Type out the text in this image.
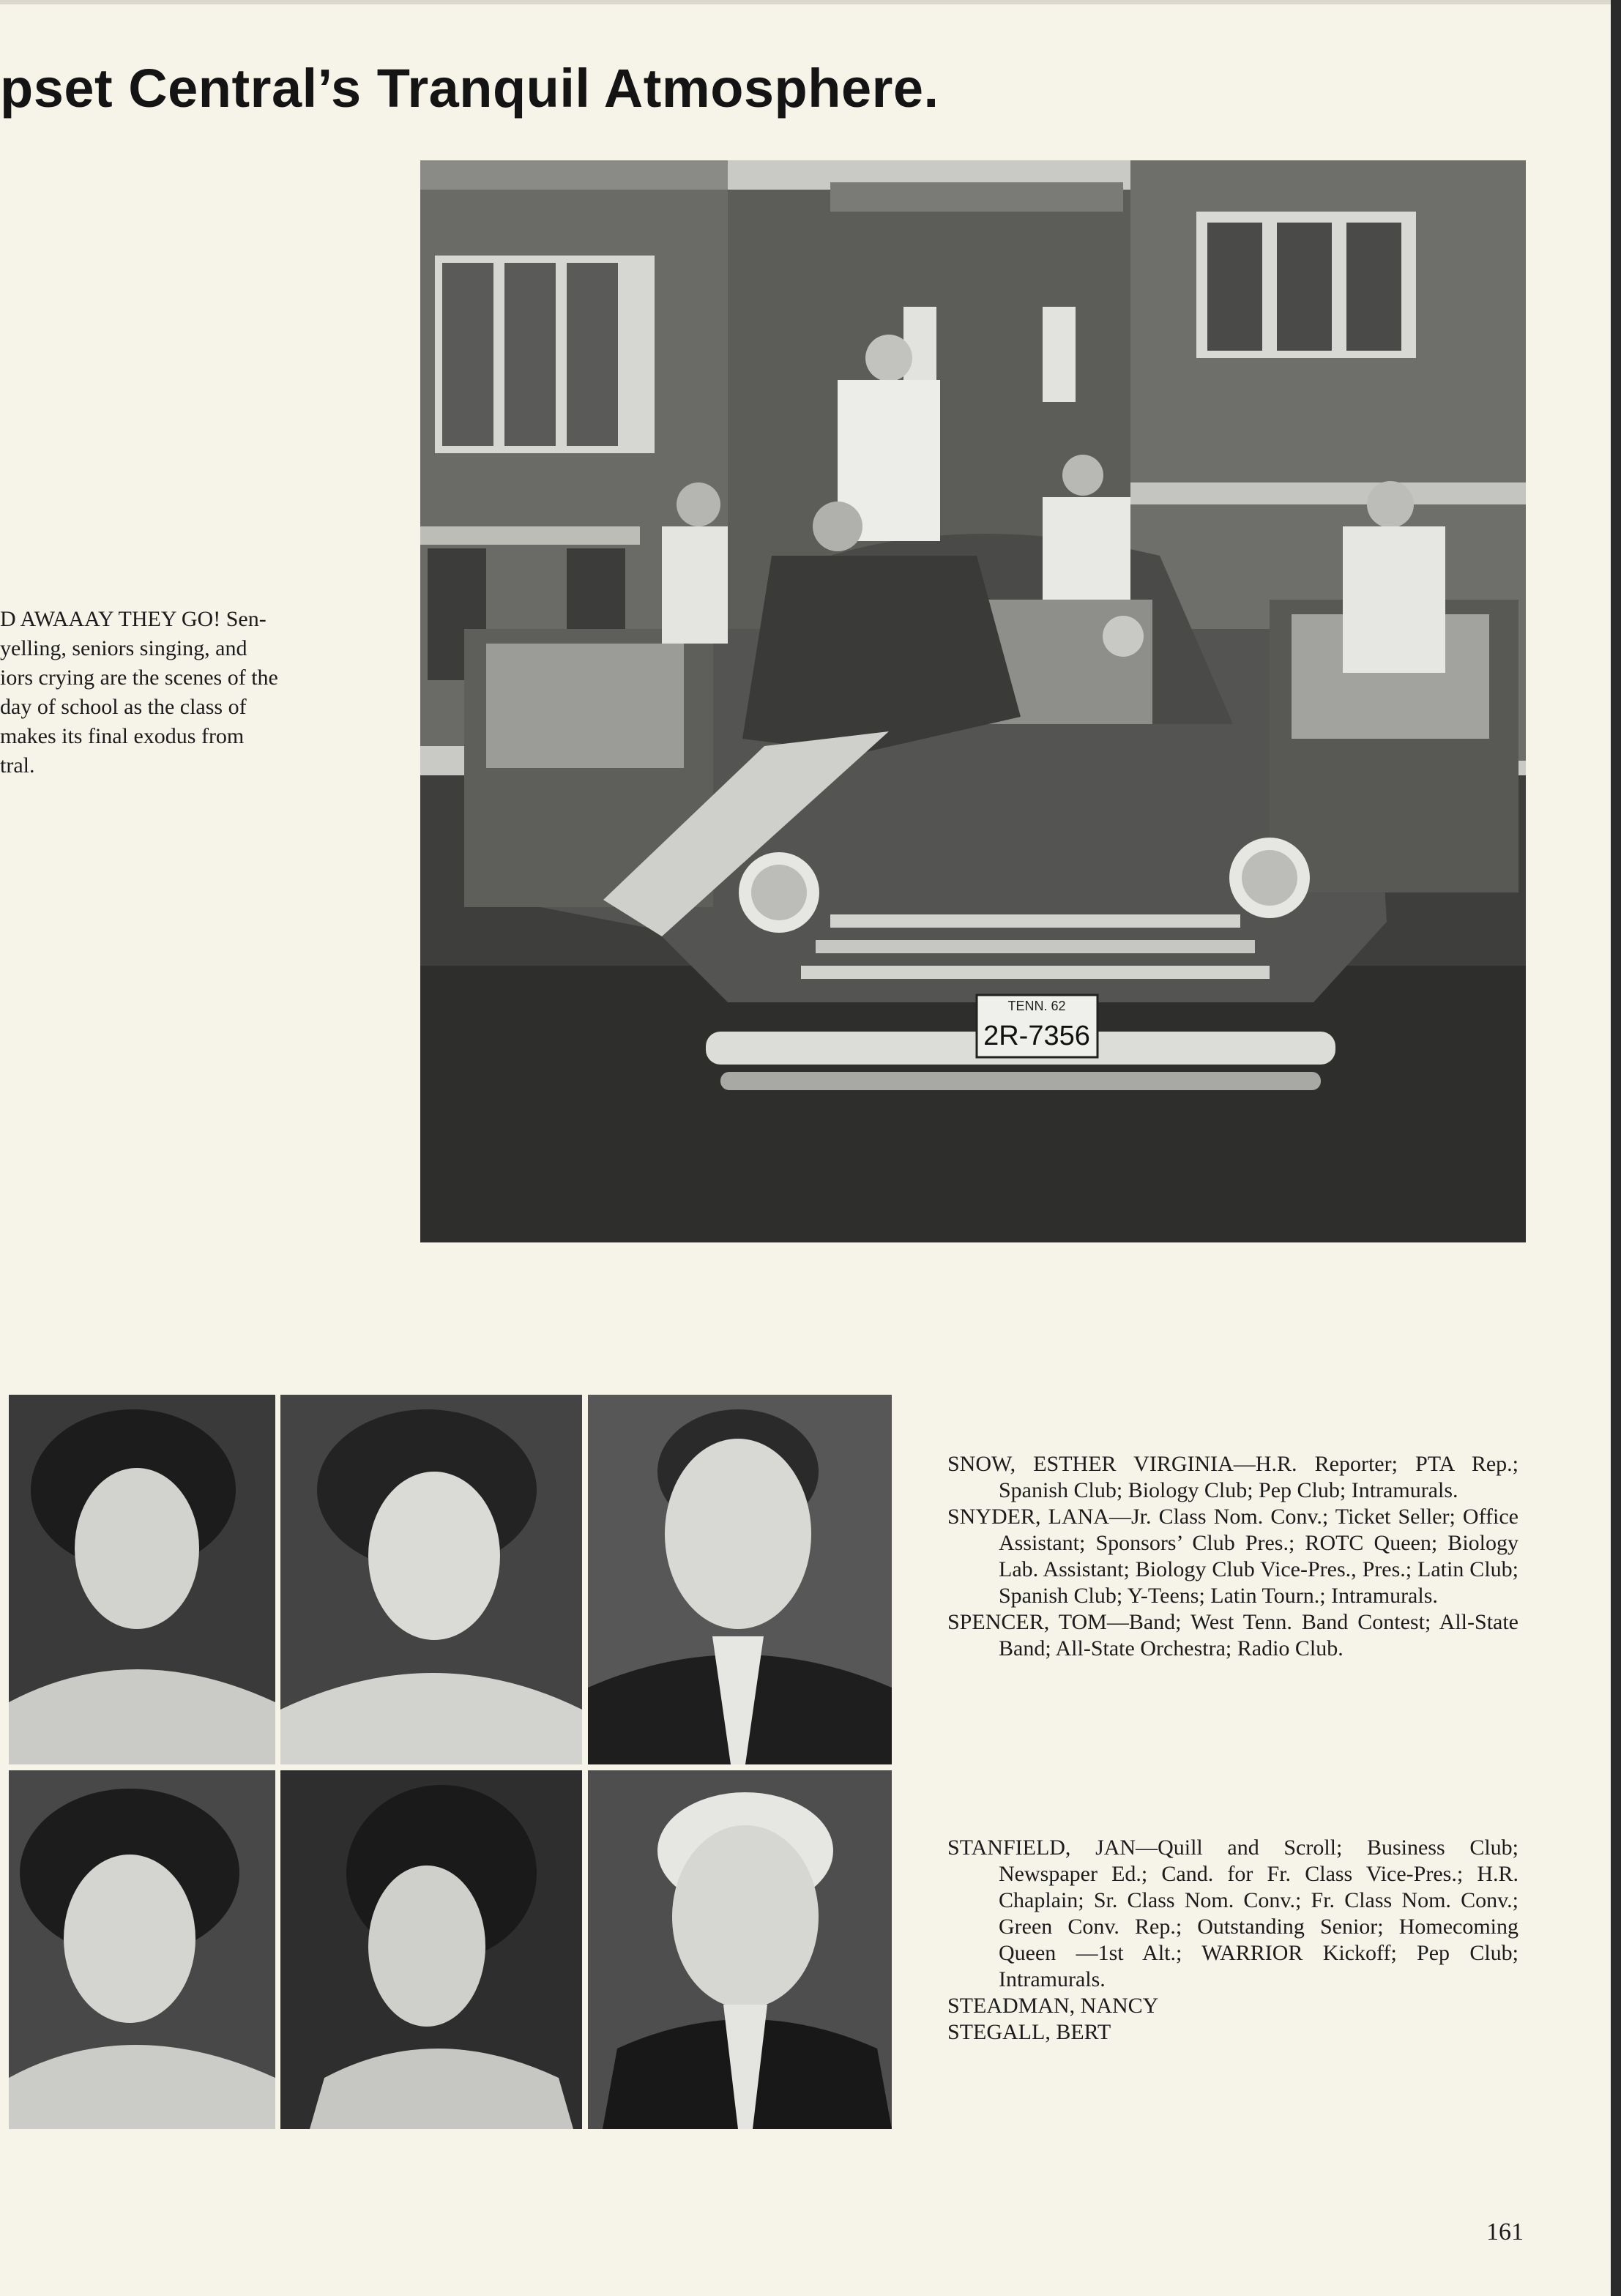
pset Central’s Tranquil Atmosphere.
D AWAAAY THEY GO! Sen-
yelling, seniors singing, and
iors crying are the scenes of the
day of school as the class of
makes its final exodus from
tral.
2R-7356
TENN. 62

SNOW, ESTHER VIRGINIA—H.R. Reporter; PTA Rep.; Spanish Club; Biology Club; Pep Club; Intramurals.

SNYDER, LANA—Jr. Class Nom. Conv.; Ticket Seller; Office Assistant; Sponsors’ Club Pres.; ROTC Queen; Biology Lab. Assistant; Biology Club Vice-Pres., Pres.; Latin Club; Spanish Club; Y-Teens; Latin Tourn.; Intramurals.

SPENCER, TOM—Band; West Tenn. Band Contest; All-State Band; All-State Orchestra; Radio Club.

STANFIELD, JAN—Quill and Scroll; Business Club; Newspaper Ed.; Cand. for Fr. Class Vice-Pres.; H.R. Chaplain; Sr. Class Nom. Conv.; Fr. Class Nom. Conv.; Green Conv. Rep.; Outstanding Senior; Homecoming Queen —1st Alt.; WARRIOR Kickoff; Pep Club; Intramurals.

STEADMAN, NANCY

STEGALL, BERT

161
